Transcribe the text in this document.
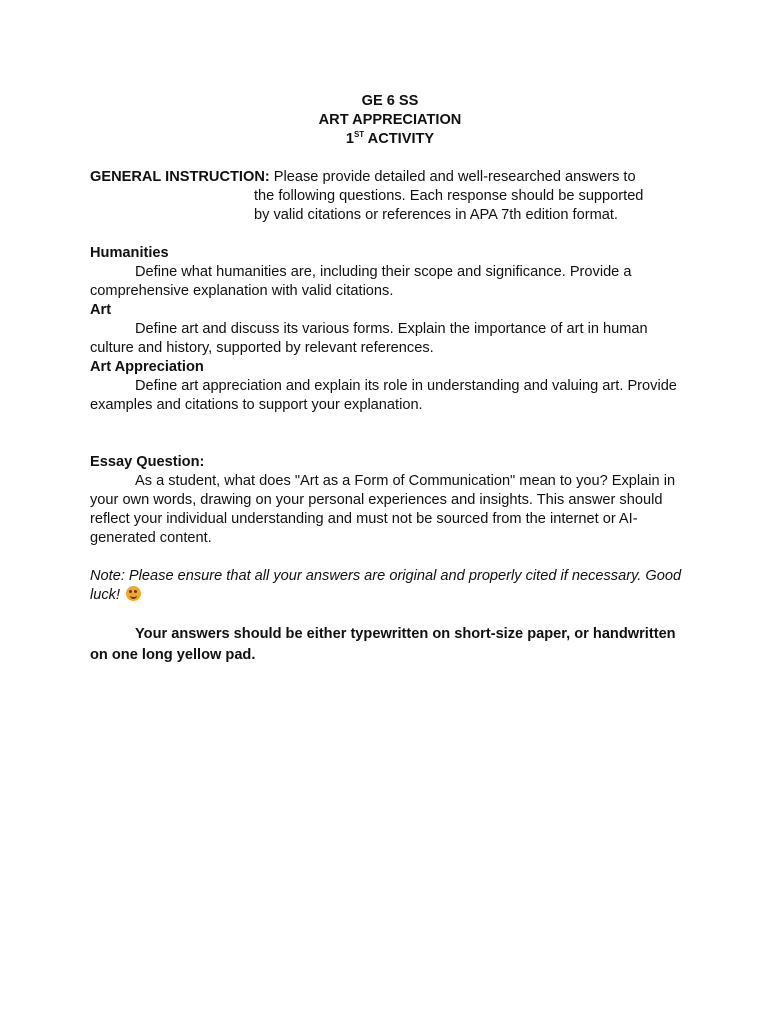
GE 6 SS
ART APPRECIATION
1ST ACTIVITY
GENERAL INSTRUCTION: Please provide detailed and well-researched answers to
the following questions. Each response should be supported
by valid citations or references in APA 7th edition format.
Humanities
Define what humanities are, including their scope and significance. Provide a comprehensive explanation with valid citations.
Art
Define art and discuss its various forms. Explain the importance of art in human culture and history, supported by relevant references.
Art Appreciation
Define art appreciation and explain its role in understanding and valuing art. Provide examples and citations to support your explanation.
Essay Question:
As a student, what does "Art as a Form of Communication" mean to you? Explain in your own words, drawing on your personal experiences and insights. This answer should reflect your individual understanding and must not be sourced from the internet or AI-generated content.
Note: Please ensure that all your answers are original and properly cited if necessary. Good luck!
Your answers should be either typewritten on short-size paper, or handwritten on one long yellow pad.
